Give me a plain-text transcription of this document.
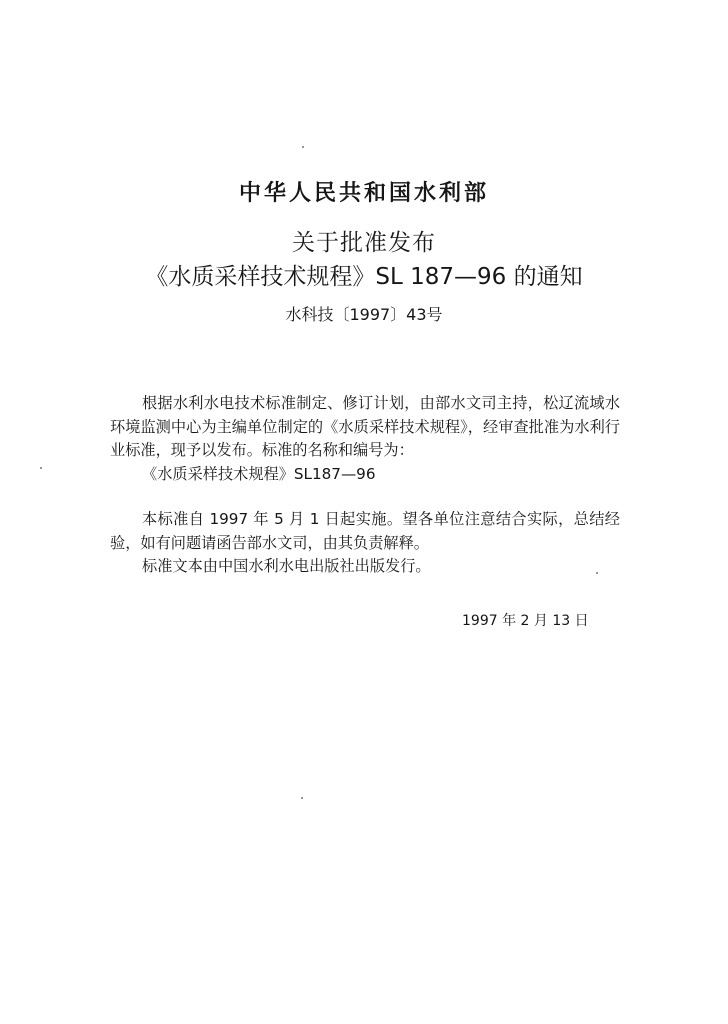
中华人民共和国水利部
关于批准发布
《水质采样技术规程》SL 187—96 的通知
水科技〔1997〕43号

根据水利水电技术标准制定、修订计划，由部水文司主持，松辽流域水环境监测中心为主编单位制定的《水质采样技术规程》，经审查批准为水利行业标准，现予以发布。标准的名称和编号为：

《水质采样技术规程》SL187—96

本标准自 1997 年 5 月 1 日起实施。望各单位注意结合实际，总结经验，如有问题请函告部水文司，由其负责解释。

标准文本由中国水利水电出版社出版发行。

1997 年 2 月 13 日
